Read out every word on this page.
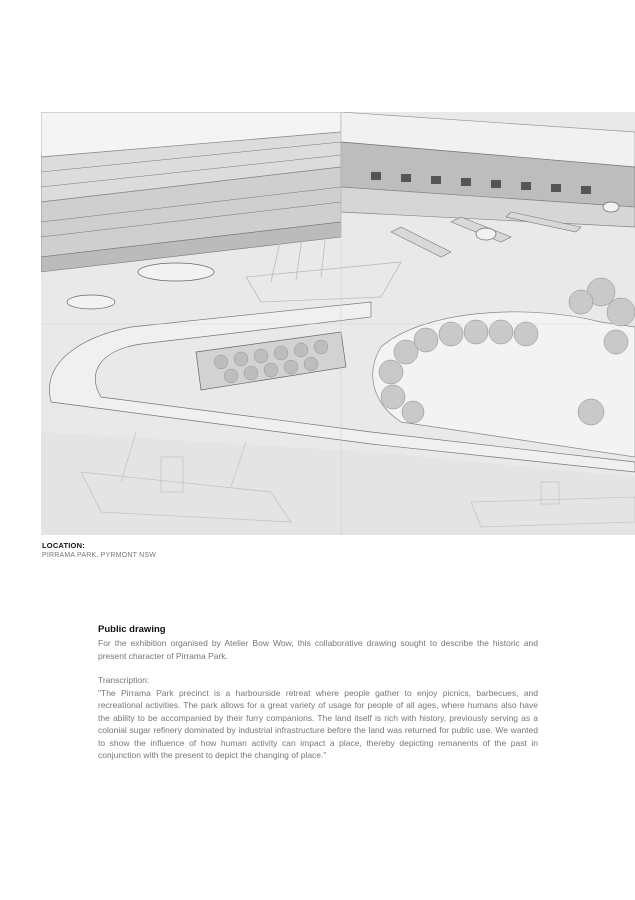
LOCATION:
PIRRAMA PARK, PYRMONT NSW
Public drawing

For the exhibition organised by Atelier Bow Wow, this collaborative drawing sought to describe the historic and present character of Pirrama Park.

Transcription:

"The Pirrama Park precinct is a harbourside retreat where people gather to enjoy picnics, barbecues, and recreational activities. The park allows for a great variety of usage for people of all ages, where humans also have the ability to be accompanied by their furry companions. The land itself is rich with history, previously serving as a colonial sugar refinery dominated by industrial infrastructure before the land was returned for public use. We wanted to show the influence of how human activity can impact a place, thereby depicting remanents of the past in conjunction with the present to depict the changing of place."
